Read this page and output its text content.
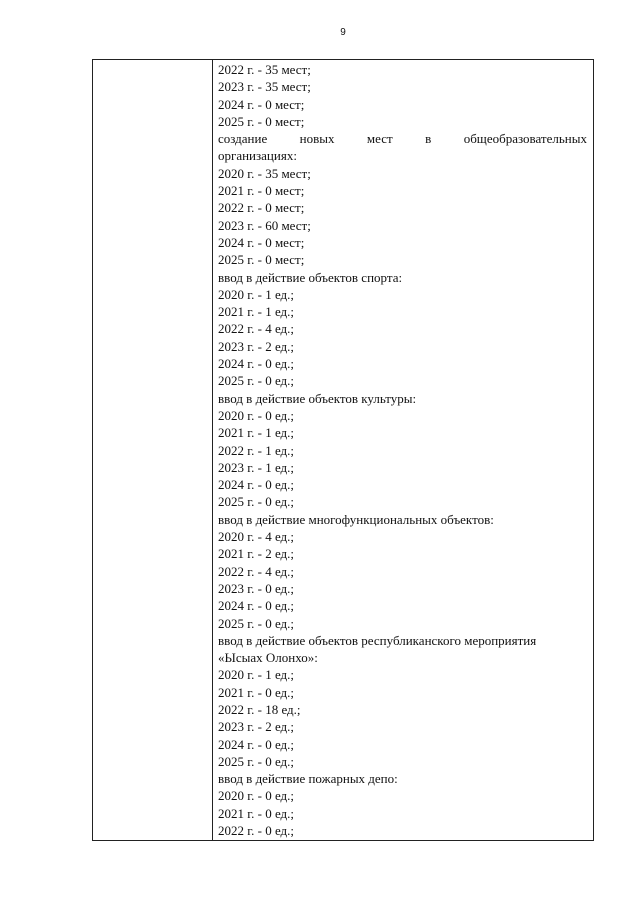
9
2022 г. - 35 мест;
2023 г. - 35 мест;
2024 г. - 0 мест;
2025 г. - 0 мест;
создание новых мест в общеобразовательных
организациях:
2020 г. - 35 мест;
2021 г. - 0 мест;
2022 г. - 0 мест;
2023 г. - 60 мест;
2024 г. - 0 мест;
2025 г. - 0 мест;
ввод в действие объектов спорта:
2020 г. - 1 ед.;
2021 г. - 1 ед.;
2022 г. - 4 ед.;
2023 г. - 2 ед.;
2024 г. - 0 ед.;
2025 г. - 0 ед.;
ввод в действие объектов культуры:
2020 г. - 0 ед.;
2021 г. - 1 ед.;
2022 г. - 1 ед.;
2023 г. - 1 ед.;
2024 г. - 0 ед.;
2025 г. - 0 ед.;
ввод в действие многофункциональных объектов:
2020 г. - 4 ед.;
2021 г. - 2 ед.;
2022 г. - 4 ед.;
2023 г. - 0 ед.;
2024 г. - 0 ед.;
2025 г. - 0 ед.;
ввод в действие объектов республиканского мероприятия
«Ысыах Олонхо»:
2020 г. - 1 ед.;
2021 г. - 0 ед.;
2022 г. - 18 ед.;
2023 г. - 2 ед.;
2024 г. - 0 ед.;
2025 г. - 0 ед.;
ввод в действие пожарных депо:
2020 г. - 0 ед.;
2021 г. - 0 ед.;
2022 г. - 0 ед.;
